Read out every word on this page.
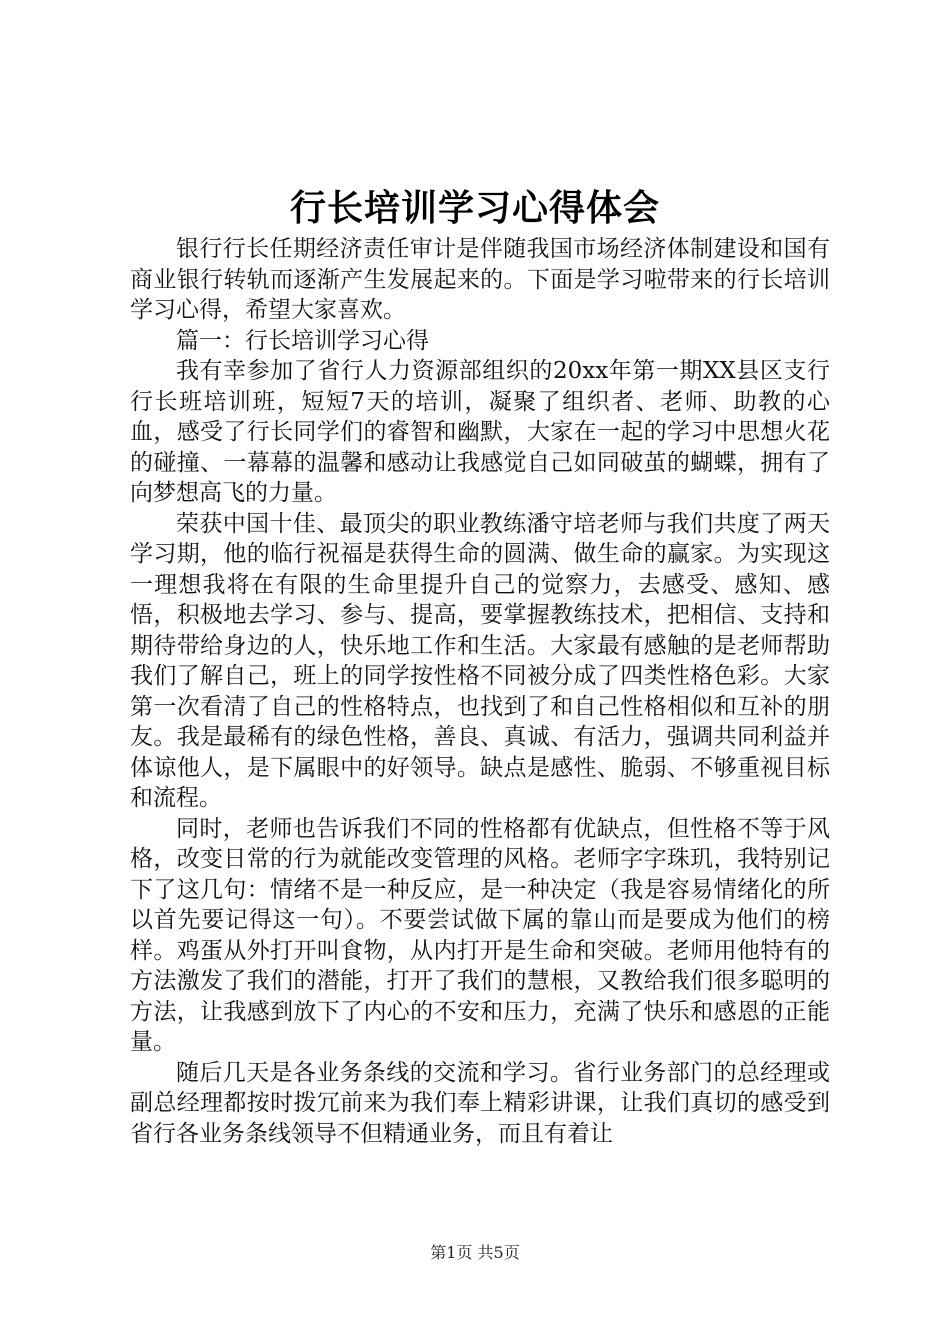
行长培训学习心得体会

银行行长任期经济责任审计是伴随我国市场经济体制建设和国有商业银行转轨而逐渐产生发展起来的。下面是学习啦带来的行长培训学习心得，希望大家喜欢。

篇一：行长培训学习心得

我有幸参加了省行人力资源部组织的20xx年第一期XX县区支行行长班培训班，短短7天的培训，凝聚了组织者、老师、助教的心血，感受了行长同学们的睿智和幽默，大家在一起的学习中思想火花的碰撞、一幕幕的温馨和感动让我感觉自己如同破茧的蝴蝶，拥有了向梦想高飞的力量。

荣获中国十佳、最顶尖的职业教练潘守培老师与我们共度了两天学习期，他的临行祝福是获得生命的圆满、做生命的赢家。为实现这一理想我将在有限的生命里提升自己的觉察力，去感受、感知、感悟，积极地去学习、参与、提高，要掌握教练技术，把相信、支持和期待带给身边的人，快乐地工作和生活。大家最有感触的是老师帮助我们了解自己，班上的同学按性格不同被分成了四类性格色彩。大家第一次看清了自己的性格特点，也找到了和自己性格相似和互补的朋友。我是最稀有的绿色性格，善良、真诚、有活力，强调共同利益并体谅他人，是下属眼中的好领导。缺点是感性、脆弱、不够重视目标和流程。

同时，老师也告诉我们不同的性格都有优缺点，但性格不等于风格，改变日常的行为就能改变管理的风格。老师字字珠玑，我特别记下了这几句：情绪不是一种反应，是一种决定（我是容易情绪化的所以首先要记得这一句）。不要尝试做下属的靠山而是要成为他们的榜样。鸡蛋从外打开叫食物，从内打开是生命和突破。老师用他特有的方法激发了我们的潜能，打开了我们的慧根，又教给我们很多聪明的方法，让我感到放下了内心的不安和压力，充满了快乐和感恩的正能量。

随后几天是各业务条线的交流和学习。省行业务部门的总经理或副总经理都按时拨冗前来为我们奉上精彩讲课，让我们真切的感受到省行各业务条线领导不但精通业务，而且有着让

第1页 共5页
